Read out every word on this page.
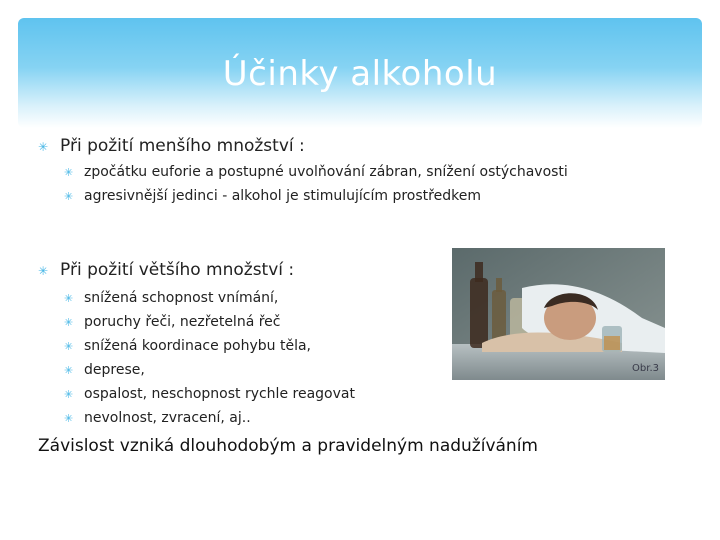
Účinky alkoholu
✳ Při požití menšího množství :
✳ zpočátku euforie a postupné uvolňování zábran, snížení ostýchavosti
✳ agresivnější jedinci - alkohol je stimulujícím prostředkem
✳ Při požití většího množství :
✳ snížená schopnost vnímání,
✳ poruchy řeči, nezřetelná řeč
✳ snížená koordinace pohybu těla,
✳ deprese,
✳ ospalost, neschopnost rychle reagovat
✳ nevolnost, zvracení, aj..
Obr.3
Závislost vzniká dlouhodobým a pravidelným nadužíváním
